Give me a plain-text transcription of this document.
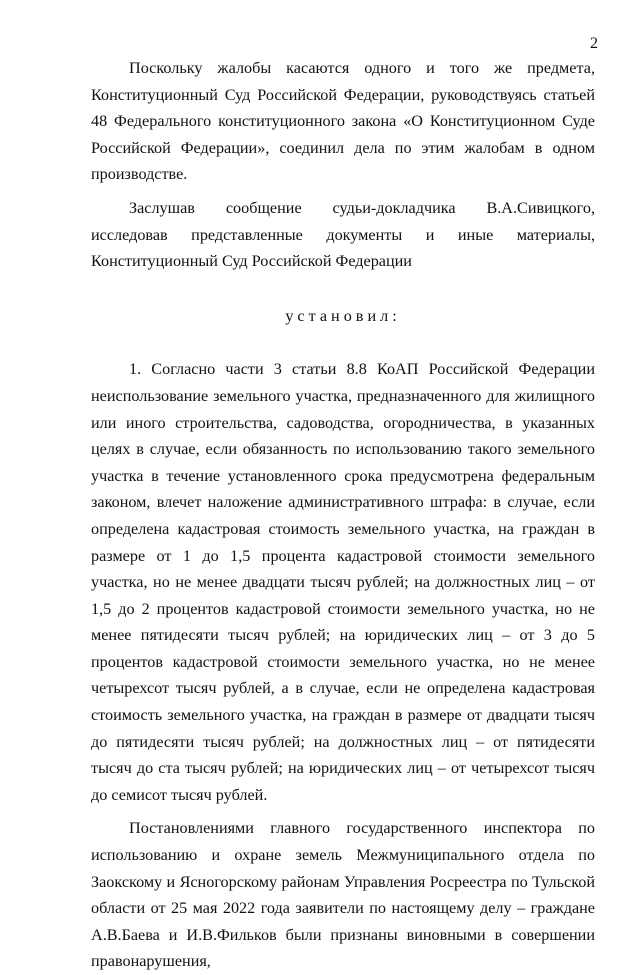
2

Поскольку жалобы касаются одного и того же предмета, Конституционный Суд Российской Федерации, руководствуясь статьей 48 Федерального конституционного закона «О Конституционном Суде Российской Федерации», соединил дела по этим жалобам в одном производстве.

Заслушав сообщение судьи-докладчика В.А.Сивицкого, исследовав представленные документы и иные материалы, Конституционный Суд Российской Федерации

установил:

1. Согласно части 3 статьи 8.8 КоАП Российской Федерации неиспользование земельного участка, предназначенного для жилищного или иного строительства, садоводства, огородничества, в указанных целях в случае, если обязанность по использованию такого земельного участка в течение установленного срока предусмотрена федеральным законом, влечет наложение административного штрафа: в случае, если определена кадастровая стоимость земельного участка, на граждан в размере от 1 до 1,5 процента кадастровой стоимости земельного участка, но не менее двадцати тысяч рублей; на должностных лиц – от 1,5 до 2 процентов кадастровой стоимости земельного участка, но не менее пятидесяти тысяч рублей; на юридических лиц – от 3 до 5 процентов кадастровой стоимости земельного участка, но не менее четырехсот тысяч рублей, а в случае, если не определена кадастровая стоимость земельного участка, на граждан в размере от двадцати тысяч до пятидесяти тысяч рублей; на должностных лиц – от пятидесяти тысяч до ста тысяч рублей; на юридических лиц – от четырехсот тысяч до семисот тысяч рублей.

Постановлениями главного государственного инспектора по использованию и охране земель Межмуниципального отдела по Заокскому и Ясногорскому районам Управления Росреестра по Тульской области от 25 мая 2022 года заявители по настоящему делу – граждане А.В.Баева и И.В.Фильков были признаны виновными в совершении правонарушения,
